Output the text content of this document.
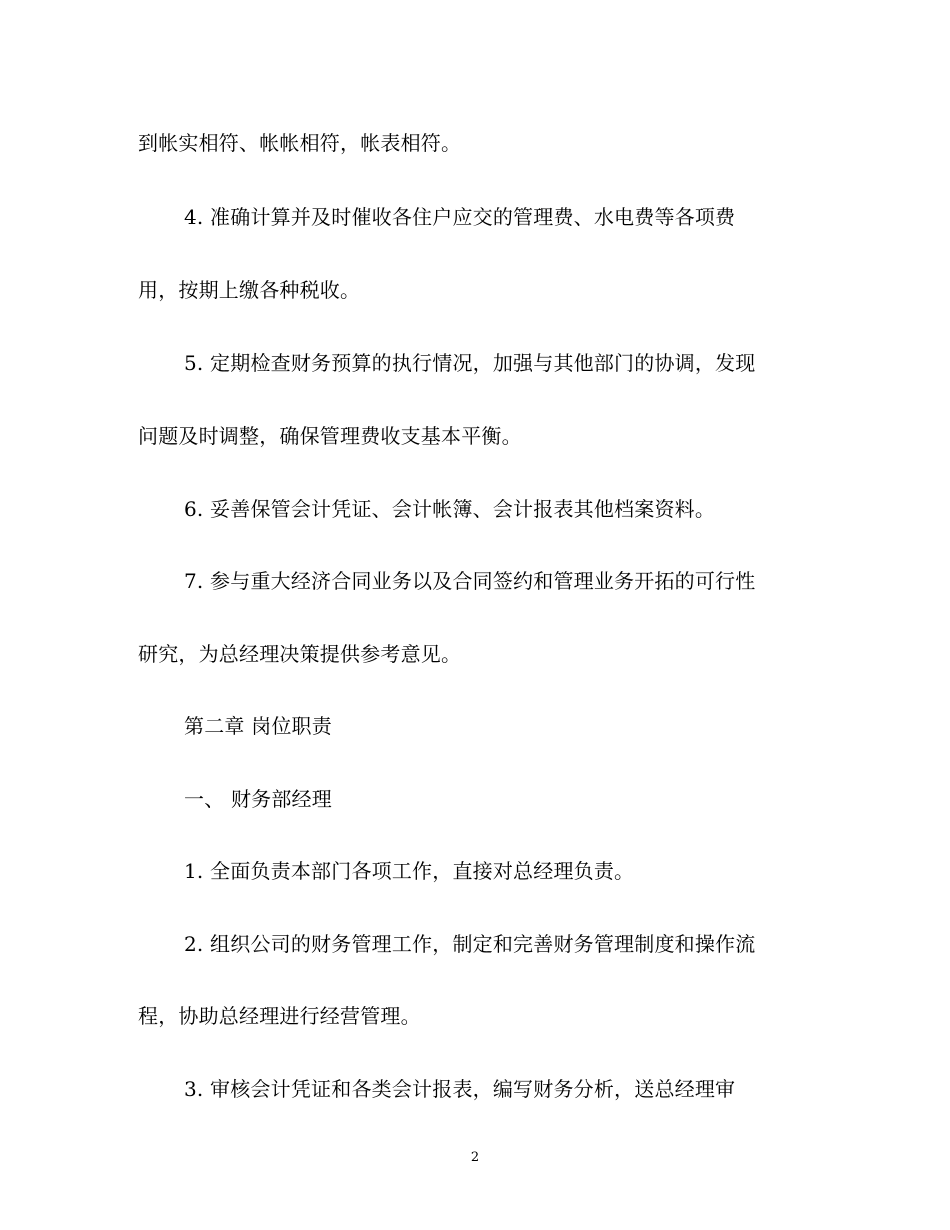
到帐实相符、帐帐相符，帐表相符。
4. 准确计算并及时催收各住户应交的管理费、水电费等各项费
用，按期上缴各种税收。
5. 定期检查财务预算的执行情况，加强与其他部门的协调，发现
问题及时调整，确保管理费收支基本平衡。
6. 妥善保管会计凭证、会计帐簿、会计报表其他档案资料。
7. 参与重大经济合同业务以及合同签约和管理业务开拓的可行性
研究，为总经理决策提供参考意见。
第二章 岗位职责
一、 财务部经理
1. 全面负责本部门各项工作，直接对总经理负责。
2. 组织公司的财务管理工作，制定和完善财务管理制度和操作流
程，协助总经理进行经营管理。
3. 审核会计凭证和各类会计报表，编写财务分析，送总经理审
2
